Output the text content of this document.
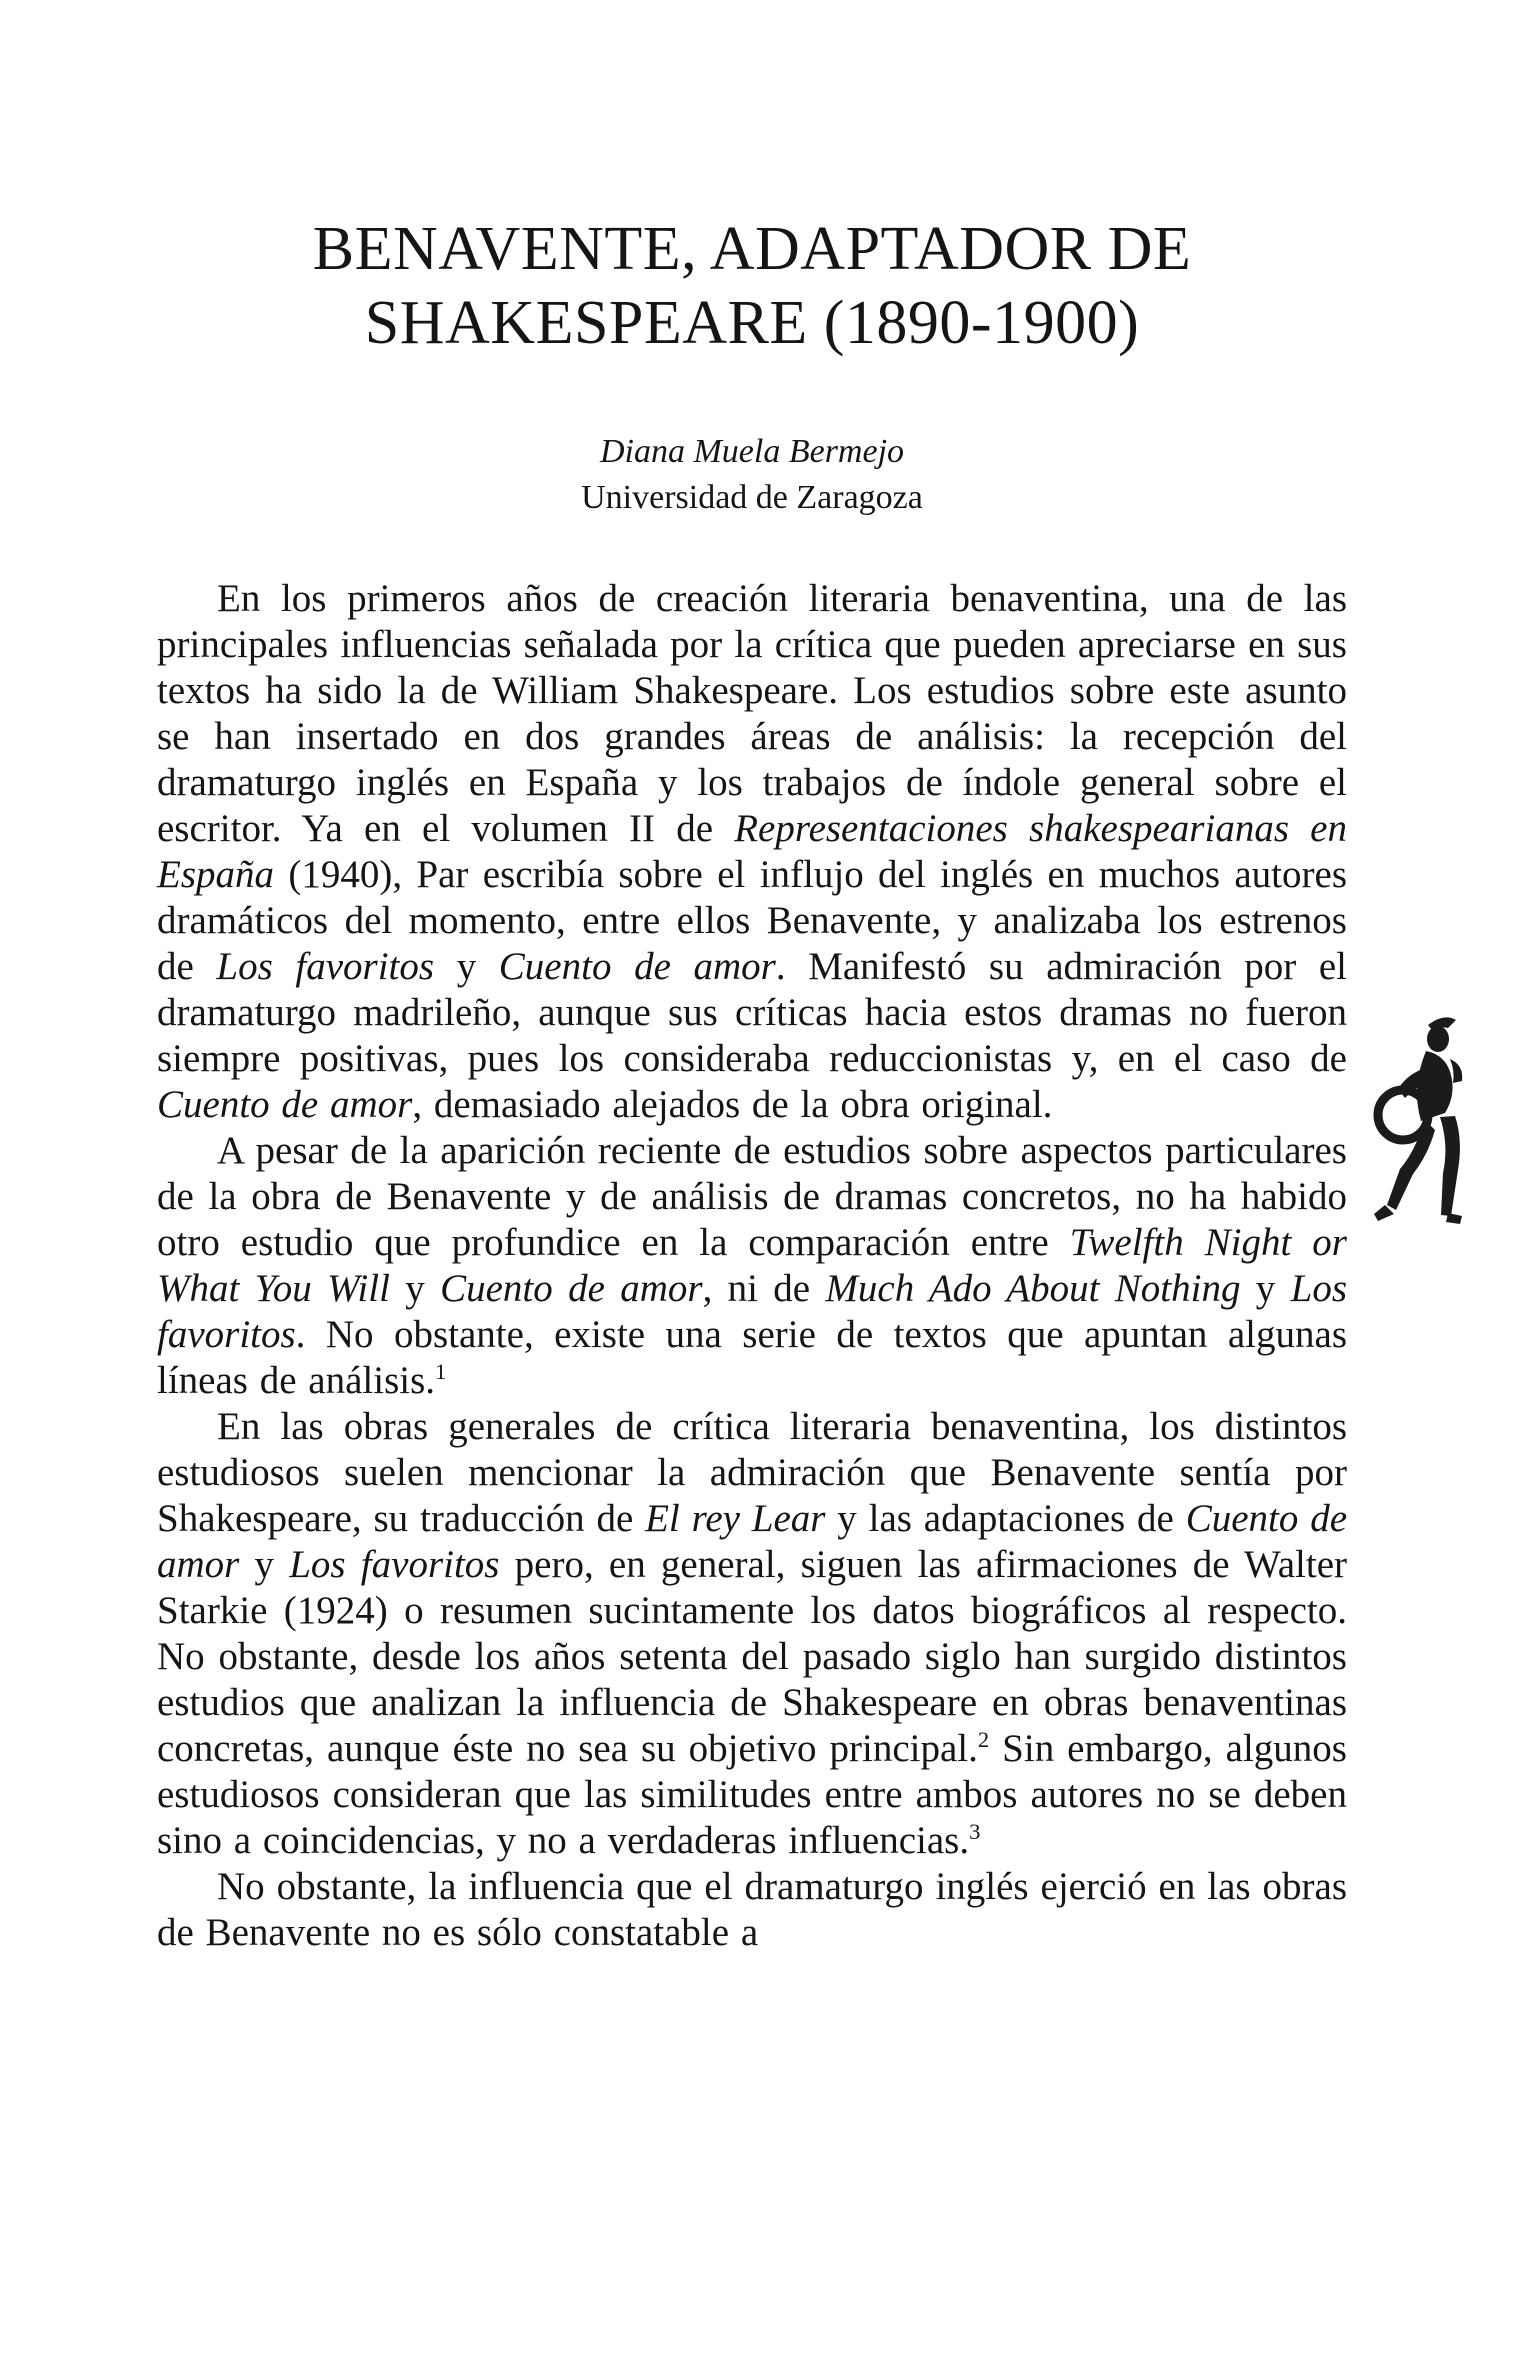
BENAVENTE, ADAPTADOR DE
SHAKESPEARE (1890-1900)
Diana Muela Bermejo
Universidad de Zaragoza

En los primeros años de creación literaria benaventina, una de las principales influencias señalada por la crítica que pueden apreciarse en sus textos ha sido la de William Shakespeare. Los estudios sobre este asunto se han insertado en dos grandes áreas de análisis: la recepción del dramaturgo inglés en España y los trabajos de índole general sobre el escritor. Ya en el volumen II de Representaciones shakespearianas en España (1940), Par escribía sobre el influjo del inglés en muchos autores dramáticos del momento, entre ellos Benavente, y analizaba los estrenos de Los favoritos y Cuento de amor. Manifestó su admiración por el dramaturgo madrileño, aunque sus críticas hacia estos dramas no fueron siempre positivas, pues los consideraba reduccionistas y, en el caso de Cuento de amor, demasiado alejados de la obra original.

A pesar de la aparición reciente de estudios sobre aspectos particulares de la obra de Benavente y de análisis de dramas concretos, no ha habido otro estudio que profundice en la comparación entre Twelfth Night or What You Will y Cuento de amor, ni de Much Ado About Nothing y Los favoritos. No obstante, existe una serie de textos que apuntan algunas líneas de análisis.$^1$

En las obras generales de crítica literaria benaventina, los distintos estudiosos suelen mencionar la admiración que Benavente sentía por Shakespeare, su traducción de El rey Lear y las adaptaciones de Cuento de amor y Los favoritos pero, en general, siguen las afirmaciones de Walter Starkie (1924) o resumen sucintamente los datos biográficos al respecto. No obstante, desde los años setenta del pasado siglo han surgido distintos estudios que analizan la influencia de Shakespeare en obras benaventinas concretas, aunque éste no sea su objetivo principal.$^2$ Sin embargo, algunos estudiosos consideran que las similitudes entre ambos autores no se deben sino a coincidencias, y no a verdaderas influencias.$^3$

No obstante, la influencia que el dramaturgo inglés ejerció en las obras de Benavente no es sólo constatable a
